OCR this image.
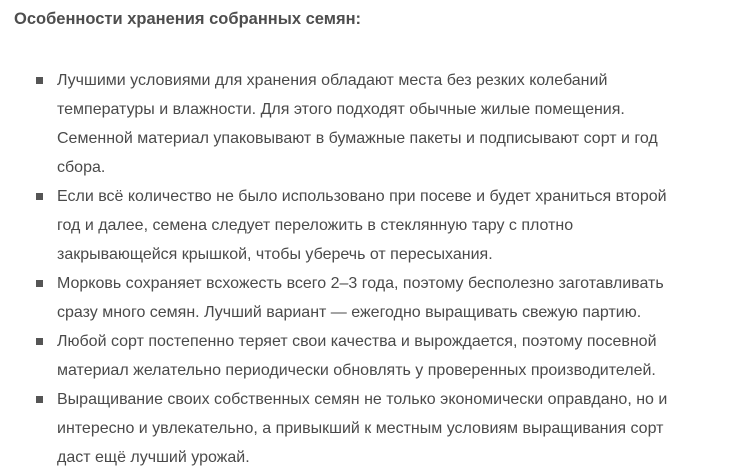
Особенности хранения собранных семян:
Лучшими условиями для хранения обладают места без резких колебаний
температуры и влажности. Для этого подходят обычные жилые помещения.
Семенной материал упаковывают в бумажные пакеты и подписывают сорт и год
сбора.
Если всё количество не было использовано при посеве и будет храниться второй
год и далее, семена следует переложить в стеклянную тару с плотно
закрывающейся крышкой, чтобы уберечь от пересыхания.
Морковь сохраняет всхожесть всего 2–3 года, поэтому бесполезно заготавливать
сразу много семян. Лучший вариант — ежегодно выращивать свежую партию.
Любой сорт постепенно теряет свои качества и вырождается, поэтому посевной
материал желательно периодически обновлять у проверенных производителей.
Выращивание своих собственных семян не только экономически оправдано, но и
интересно и увлекательно, а привыкший к местным условиям выращивания сорт
даст ещё лучший урожай.
